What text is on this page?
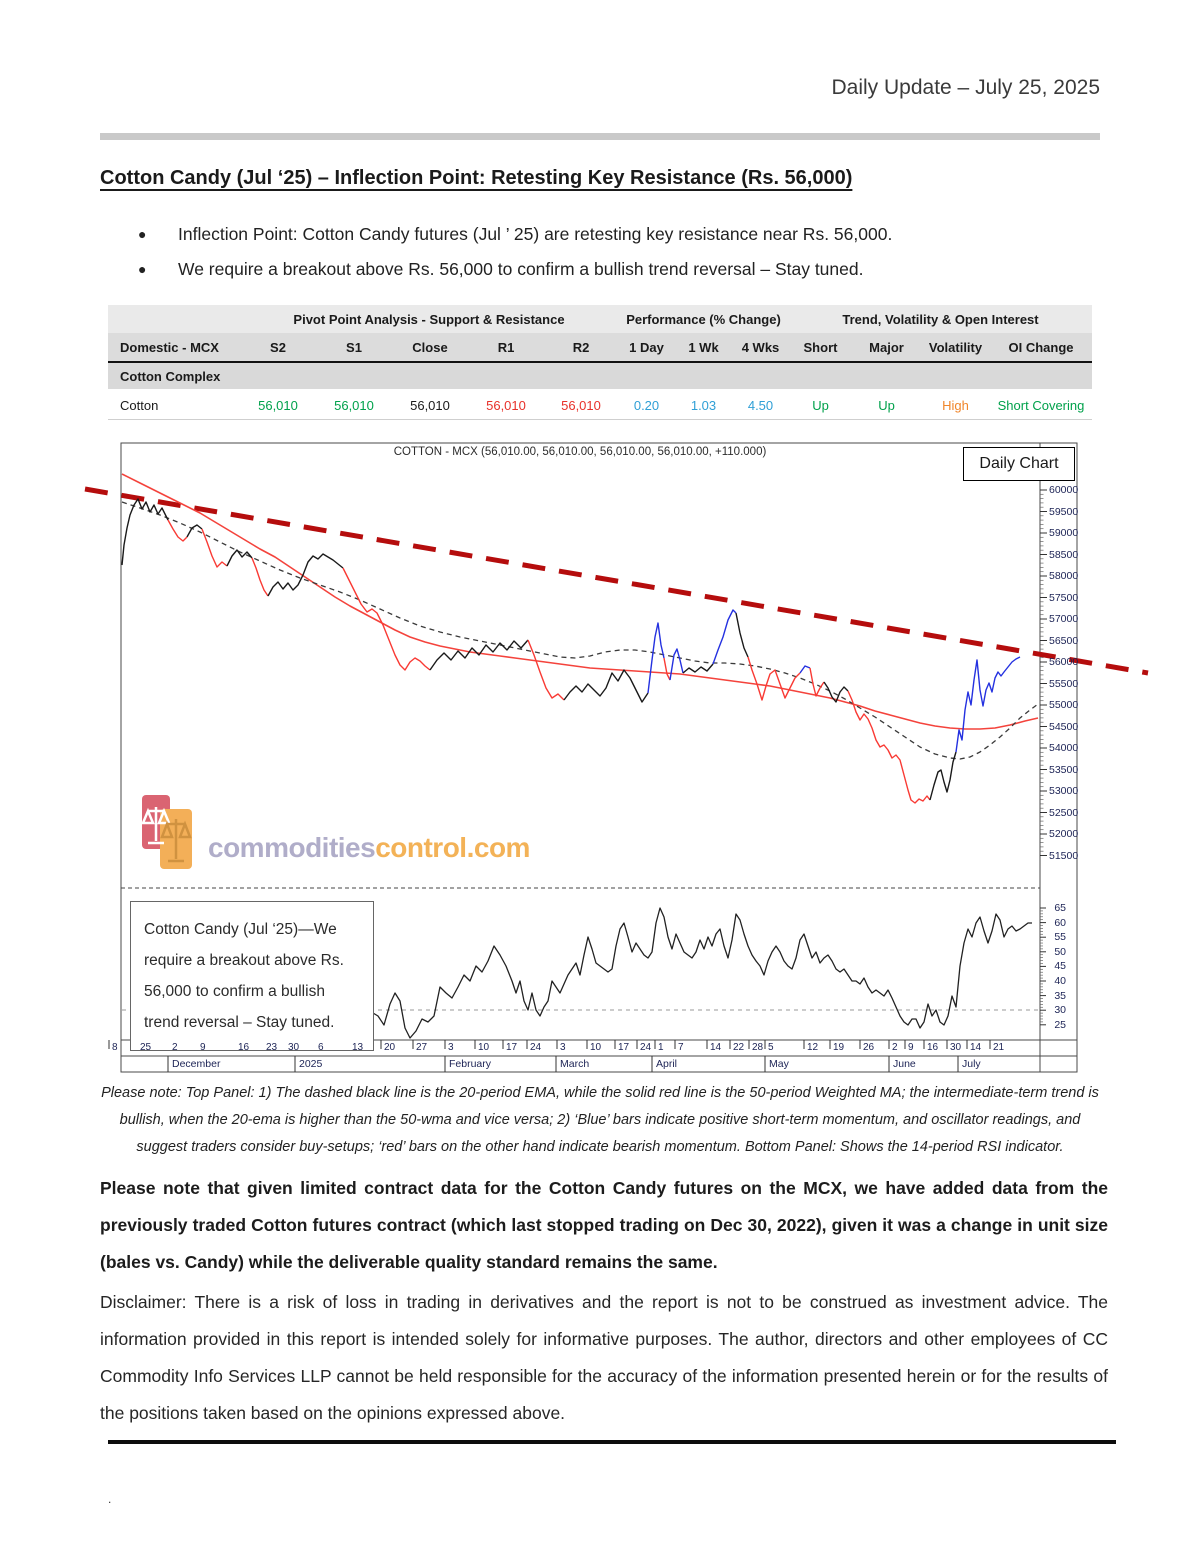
Daily Update – July 25, 2025
Cotton Candy (Jul ‘25) – Inflection Point: Retesting Key Resistance (Rs. 56,000)
● Inflection Point: Cotton Candy futures (Jul ’ 25) are retesting key resistance near Rs. 56,000.
● We require a breakout above Rs. 56,000 to confirm a bullish trend reversal – Stay tuned.
Pivot Point Analysis - Support & Resistance	Performance (% Change)	Trend, Volatility & Open Interest
Domestic - MCX	S2	S1	Close	R1	R2	1 Day	1 Wk	4 Wks	Short	Major	Volatility	OI Change
Cotton Complex
Cotton	56,010	56,010	56,010	56,010	56,010	0.20	1.03	4.50	Up	Up	High	Short Covering
COTTON - MCX (56,010.00, 56,010.00, 56,010.00, 56,010.00, +110.000)
Daily Chart
commoditiescontrol.com
Cotton Candy (Jul ‘25)—We require a breakout above Rs. 56,000 to confirm a bullish trend reversal – Stay tuned.
60000
59500
59000
58500
58000
57500
57000
56500
56000
55500
55000
54500
54000
53500
53000
52500
52000
51500
65
60
55
50
45
40
35
30
25
8 25 2 9	16 23 30 6	13 20 27 3 10 17 24 3 10 17 24 1 7	14 22 28 5	12 19 26 2 9 16 30 14 21
December	2025	February	March	April	May	June	July
Please note: Top Panel: 1) The dashed black line is the 20-period EMA, while the solid red line is the 50-period Weighted MA; the intermediate-term trend is bullish, when the 20-ema is higher than the 50-wma and vice versa; 2) ‘Blue’ bars indicate positive short-term momentum, and oscillator readings, and suggest traders consider buy-setups; ‘red’ bars on the other hand indicate bearish momentum. Bottom Panel: Shows the 14-period RSI indicator.
Please note that given limited contract data for the Cotton Candy futures on the MCX, we have added data from the previously traded Cotton futures contract (which last stopped trading on Dec 30, 2022), given it was a change in unit size (bales vs. Candy) while the deliverable quality standard remains the same.
Disclaimer: There is a risk of loss in trading in derivatives and the report is not to be construed as investment advice. The information provided in this report is intended solely for informative purposes. The author, directors and other employees of CC Commodity Info Services LLP cannot be held responsible for the accuracy of the information presented herein or for the results of the positions taken based on the opinions expressed above.
.
